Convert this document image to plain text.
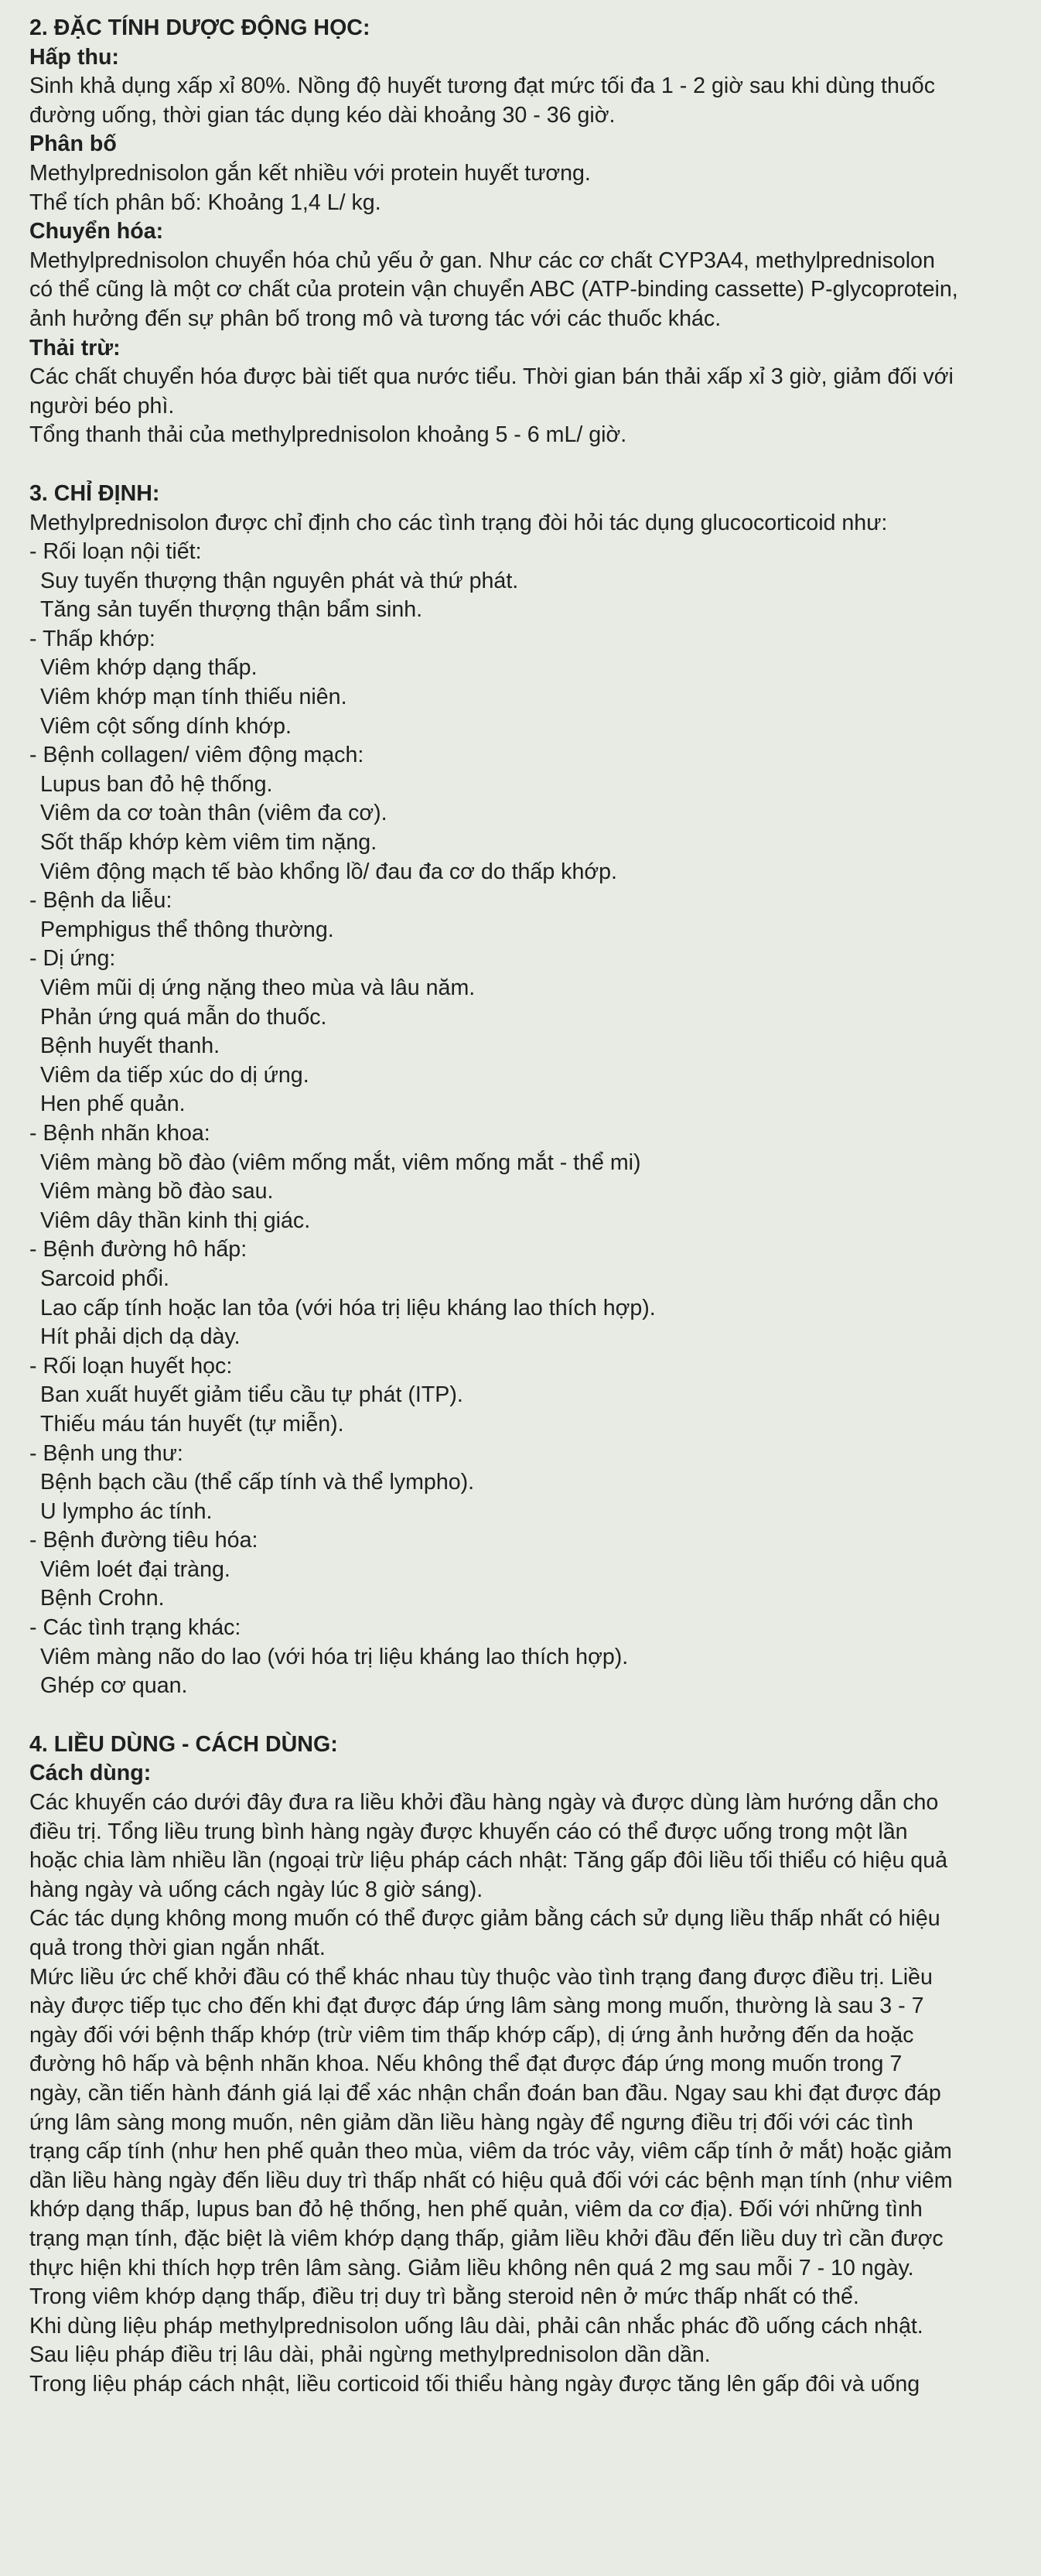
2. ĐẶC TÍNH DƯỢC ĐỘNG HỌC:

Hấp thu:

Sinh khả dụng xấp xỉ 80%. Nồng độ huyết tương đạt mức tối đa 1 - 2 giờ sau khi dùng thuốc

đường uống, thời gian tác dụng kéo dài khoảng 30 - 36 giờ.

Phân bố

Methylprednisolon gắn kết nhiều với protein huyết tương.

Thể tích phân bố: Khoảng 1,4 L/ kg.

Chuyển hóa:

Methylprednisolon chuyển hóa chủ yếu ở gan. Như các cơ chất CYP3A4, methylprednisolon

có thể cũng là một cơ chất của protein vận chuyển ABC (ATP-binding cassette) P-glycoprotein,

ảnh hưởng đến sự phân bố trong mô và tương tác với các thuốc khác.

Thải trừ:

Các chất chuyển hóa được bài tiết qua nước tiểu. Thời gian bán thải xấp xỉ 3 giờ, giảm đối với

người béo phì.

Tổng thanh thải của methylprednisolon khoảng 5 - 6 mL/ giờ.

3. CHỈ ĐỊNH:

Methylprednisolon được chỉ định cho các tình trạng đòi hỏi tác dụng glucocorticoid như:

- Rối loạn nội tiết:

Suy tuyến thượng thận nguyên phát và thứ phát.

Tăng sản tuyến thượng thận bẩm sinh.

- Thấp khớp:

Viêm khớp dạng thấp.

Viêm khớp mạn tính thiếu niên.

Viêm cột sống dính khớp.

- Bệnh collagen/ viêm động mạch:

Lupus ban đỏ hệ thống.

Viêm da cơ toàn thân (viêm đa cơ).

Sốt thấp khớp kèm viêm tim nặng.

Viêm động mạch tế bào khổng lồ/ đau đa cơ do thấp khớp.

- Bệnh da liễu:

Pemphigus thể thông thường.

- Dị ứng:

Viêm mũi dị ứng nặng theo mùa và lâu năm.

Phản ứng quá mẫn do thuốc.

Bệnh huyết thanh.

Viêm da tiếp xúc do dị ứng.

Hen phế quản.

- Bệnh nhãn khoa:

Viêm màng bồ đào (viêm mống mắt, viêm mống mắt - thể mi)

Viêm màng bồ đào sau.

Viêm dây thần kinh thị giác.

- Bệnh đường hô hấp:

Sarcoid phổi.

Lao cấp tính hoặc lan tỏa (với hóa trị liệu kháng lao thích hợp).

Hít phải dịch dạ dày.

- Rối loạn huyết học:

Ban xuất huyết giảm tiểu cầu tự phát (ITP).

Thiếu máu tán huyết (tự miễn).

- Bệnh ung thư:

Bệnh bạch cầu (thể cấp tính và thể lympho).

U lympho ác tính.

- Bệnh đường tiêu hóa:

Viêm loét đại tràng.

Bệnh Crohn.

- Các tình trạng khác:

Viêm màng não do lao (với hóa trị liệu kháng lao thích hợp).

Ghép cơ quan.

4. LIỀU DÙNG - CÁCH DÙNG:

Cách dùng:

Các khuyến cáo dưới đây đưa ra liều khởi đầu hàng ngày và được dùng làm hướng dẫn cho

điều trị. Tổng liều trung bình hàng ngày được khuyến cáo có thể được uống trong một lần

hoặc chia làm nhiều lần (ngoại trừ liệu pháp cách nhật: Tăng gấp đôi liều tối thiểu có hiệu quả

hàng ngày và uống cách ngày lúc 8 giờ sáng).

Các tác dụng không mong muốn có thể được giảm bằng cách sử dụng liều thấp nhất có hiệu

quả trong thời gian ngắn nhất.

Mức liều ức chế khởi đầu có thể khác nhau tùy thuộc vào tình trạng đang được điều trị. Liều

này được tiếp tục cho đến khi đạt được đáp ứng lâm sàng mong muốn, thường là sau 3 - 7

ngày đối với bệnh thấp khớp (trừ viêm tim thấp khớp cấp), dị ứng ảnh hưởng đến da hoặc

đường hô hấp và bệnh nhãn khoa. Nếu không thể đạt được đáp ứng mong muốn trong 7

ngày, cần tiến hành đánh giá lại để xác nhận chẩn đoán ban đầu. Ngay sau khi đạt được đáp

ứng lâm sàng mong muốn, nên giảm dần liều hàng ngày để ngưng điều trị đối với các tình

trạng cấp tính (như hen phế quản theo mùa, viêm da tróc vảy, viêm cấp tính ở mắt) hoặc giảm

dần liều hàng ngày đến liều duy trì thấp nhất có hiệu quả đối với các bệnh mạn tính (như viêm

khớp dạng thấp, lupus ban đỏ hệ thống, hen phế quản, viêm da cơ địa). Đối với những tình

trạng mạn tính, đặc biệt là viêm khớp dạng thấp, giảm liều khởi đầu đến liều duy trì cần được

thực hiện khi thích hợp trên lâm sàng. Giảm liều không nên quá 2 mg sau mỗi 7 - 10 ngày.

Trong viêm khớp dạng thấp, điều trị duy trì bằng steroid nên ở mức thấp nhất có thể.

Khi dùng liệu pháp methylprednisolon uống lâu dài, phải cân nhắc phác đồ uống cách nhật.

Sau liệu pháp điều trị lâu dài, phải ngừng methylprednisolon dần dần.

Trong liệu pháp cách nhật, liều corticoid tối thiểu hàng ngày được tăng lên gấp đôi và uống
